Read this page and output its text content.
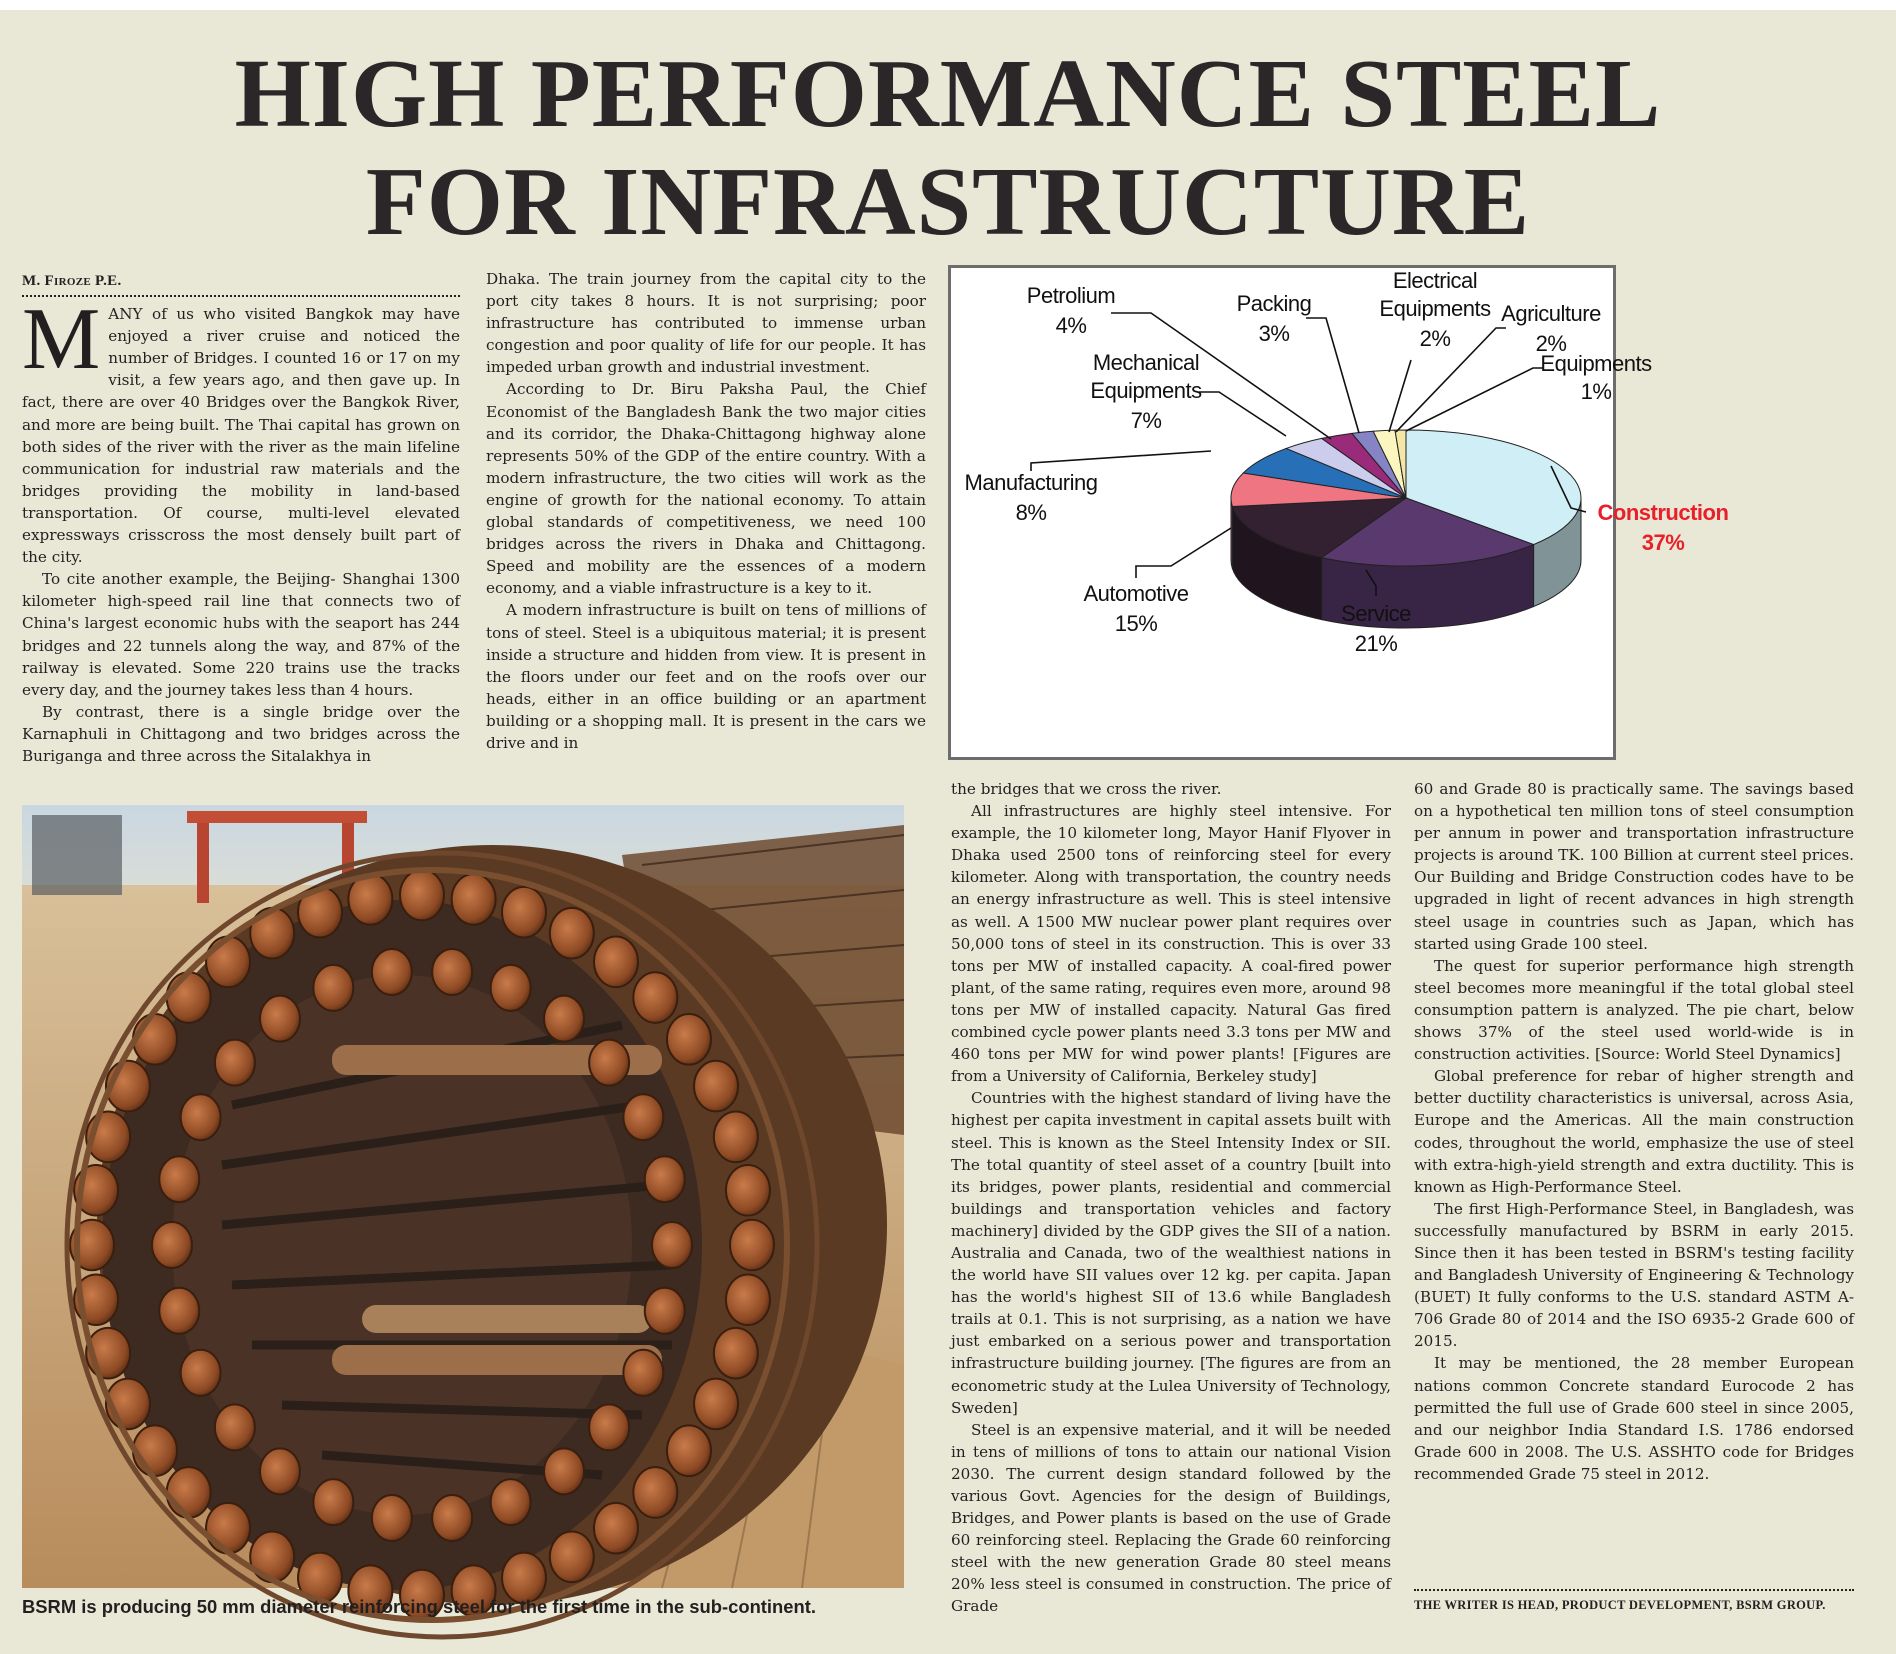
HIGH PERFORMANCE STEEL
FOR INFRASTRUCTURE
M. Firoze P.E.

MANY of us who visited Bangkok may have enjoyed a river cruise and noticed the number of Bridges. I counted 16 or 17 on my visit, a few years ago, and then gave up. In fact, there are over 40 Bridges over the Bangkok River, and more are being built. The Thai capital has grown on both sides of the river with the river as the main lifeline communication for industrial raw materials and the bridges providing the mobility in land-based transportation. Of course, multi-level elevated expressways crisscross the most densely built part of the city.

To cite another example, the Beijing- Shanghai 1300 kilometer high-speed rail line that connects two of China's largest economic hubs with the seaport has 244 bridges and 22 tunnels along the way, and 87% of the railway is elevated. Some 220 trains use the tracks every day, and the journey takes less than 4 hours.

By contrast, there is a single bridge over the Karnaphuli in Chittagong and two bridges across the Buriganga and three across the Sitalakhya in

Dhaka. The train journey from the capital city to the port city takes 8 hours. It is not surprising; poor infrastructure has contributed to immense urban congestion and poor quality of life for our people. It has impeded urban growth and industrial investment.

According to Dr. Biru Paksha Paul, the Chief Economist of the Bangladesh Bank the two major cities and its corridor, the Dhaka-Chittagong highway alone represents 50% of the GDP of the entire country. With a modern infrastructure, the two cities will work as the engine of growth for the national economy. To attain global standards of competitiveness, we need 100 bridges across the rivers in Dhaka and Chittagong. Speed and mobility are the essences of a modern economy, and a viable infrastructure is a key to it.

A modern infrastructure is built on tens of millions of tons of steel. Steel is a ubiquitous material; it is present inside a structure and hidden from view. It is present in the floors under our feet and on the roofs over our heads, either in an office building or an apartment building or a shopping mall. It is present in the cars we drive and in

Petrolium
4%
Packing
3%
Electrical
Equipments
2%
Agriculture
2%
Equipments
1%
Mechanical
Equipments
7%
Manufacturing
8%
Automotive
15%	Service
21%
Construction
37%
BSRM is producing 50 mm diameter reinforcing steel for the first time in the sub-continent.

the bridges that we cross the river.

All infrastructures are highly steel intensive. For example, the 10 kilometer long, Mayor Hanif Flyover in Dhaka used 2500 tons of reinforcing steel for every kilometer. Along with transportation, the country needs an energy infrastructure as well. This is steel intensive as well. A 1500 MW nuclear power plant requires over 50,000 tons of steel in its construction. This is over 33 tons per MW of installed capacity. A coal-fired power plant, of the same rating, requires even more, around 98 tons per MW of installed capacity. Natural Gas fired combined cycle power plants need 3.3 tons per MW and 460 tons per MW for wind power plants! [Figures are from a University of California, Berkeley study]

Countries with the highest standard of living have the highest per capita investment in capital assets built with steel. This is known as the Steel Intensity Index or SII. The total quantity of steel asset of a country [built into its bridges, power plants, residential and commercial buildings and transportation vehicles and factory machinery] divided by the GDP gives the SII of a nation. Australia and Canada, two of the wealthiest nations in the world have SII values over 12 kg. per capita. Japan has the world's highest SII of 13.6 while Bangladesh trails at 0.1. This is not surprising, as a nation we have just embarked on a serious power and transportation infrastructure building journey. [The figures are from an econometric study at the Lulea University of Technology, Sweden]

Steel is an expensive material, and it will be needed in tens of millions of tons to attain our national Vision 2030. The current design standard followed by the various Govt. Agencies for the design of Buildings, Bridges, and Power plants is based on the use of Grade 60 reinforcing steel. Replacing the Grade 60 reinforcing steel with the new generation Grade 80 steel means 20% less steel is consumed in construction. The price of Grade

60 and Grade 80 is practically same. The savings based on a hypothetical ten million tons of steel consumption per annum in power and transportation infrastructure projects is around TK. 100 Billion at current steel prices. Our Building and Bridge Construction codes have to be upgraded in light of recent advances in high strength steel usage in countries such as Japan, which has started using Grade 100 steel.

The quest for superior performance high strength steel becomes more meaningful if the total global steel consumption pattern is analyzed. The pie chart, below shows 37% of the steel used world-wide is in construction activities. [Source: World Steel Dynamics]

Global preference for rebar of higher strength and better ductility characteristics is universal, across Asia, Europe and the Americas. All the main construction codes, throughout the world, emphasize the use of steel with extra-high-yield strength and extra ductility. This is known as High-Performance Steel.

The first High-Performance Steel, in Bangladesh, was successfully manufactured by BSRM in early 2015. Since then it has been tested in BSRM's testing facility and Bangladesh University of Engineering & Technology (BUET) It fully conforms to the U.S. standard ASTM A-706 Grade 80 of 2014 and the ISO 6935-2 Grade 600 of 2015.

It may be mentioned, the 28 member European nations common Concrete standard Eurocode 2 has permitted the full use of Grade 600 steel in since 2005, and our neighbor India Standard I.S. 1786 endorsed Grade 600 in 2008. The U.S. ASSHTO code for Bridges recommended Grade 75 steel in 2012.

THE WRITER IS HEAD, PRODUCT DEVELOPMENT, BSRM GROUP.
